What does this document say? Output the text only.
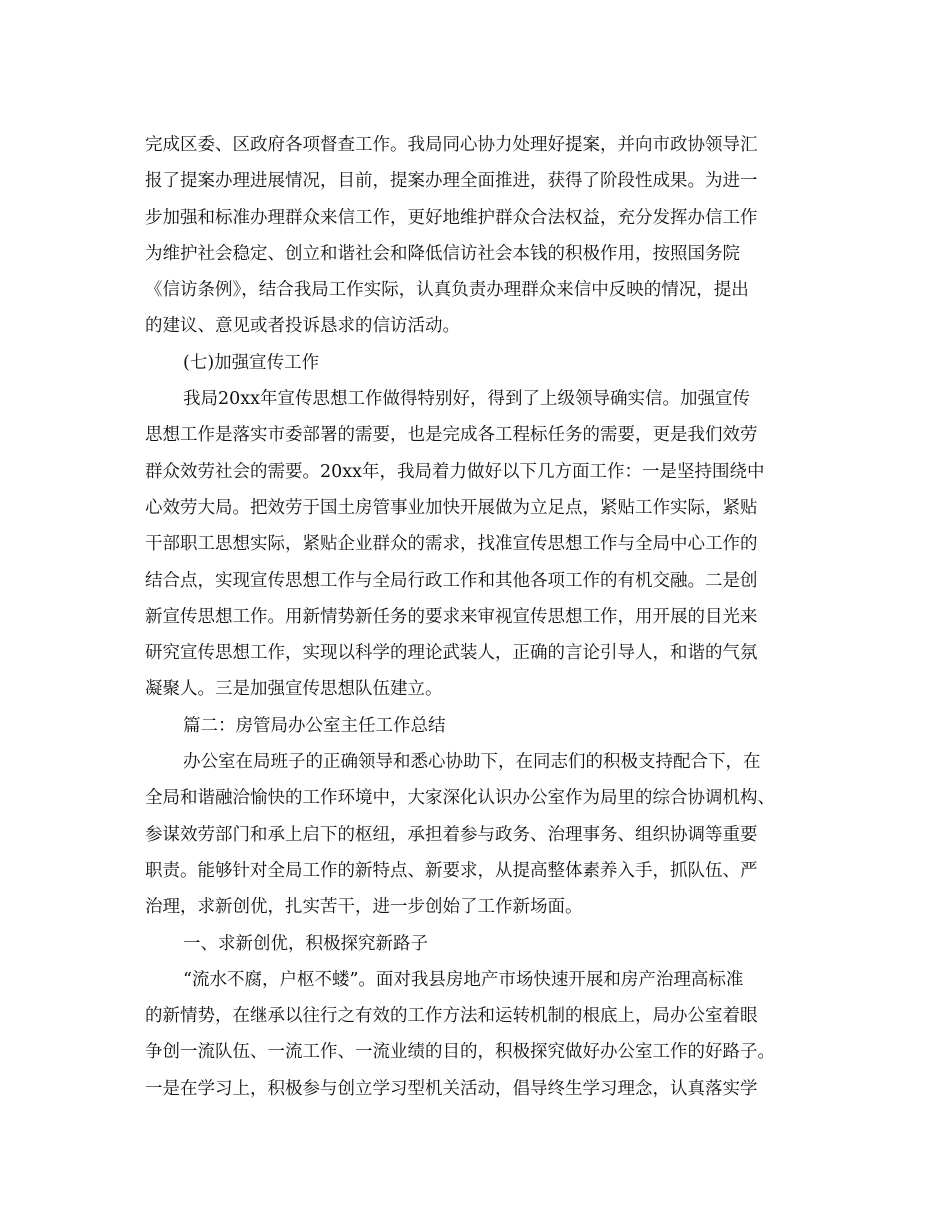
完成区委、区政府各项督查工作。我局同心协力处理好提案，并向市政协领导汇
报了提案办理进展情况，目前，提案办理全面推进，获得了阶段性成果。为进一
步加强和标准办理群众来信工作，更好地维护群众合法权益，充分发挥办信工作
为维护社会稳定、创立和谐社会和降低信访社会本钱的积极作用，按照国务院
《信访条例》，结合我局工作实际，认真负责办理群众来信中反映的情况，提出
的建议、意见或者投诉恳求的信访活动。
(七)加强宣传工作
我局20xx年宣传思想工作做得特别好，得到了上级领导确实信。加强宣传
思想工作是落实市委部署的需要，也是完成各工程标任务的需要，更是我们效劳
群众效劳社会的需要。20xx年，我局着力做好以下几方面工作：一是坚持围绕中
心效劳大局。把效劳于国土房管事业加快开展做为立足点，紧贴工作实际，紧贴
干部职工思想实际，紧贴企业群众的需求，找准宣传思想工作与全局中心工作的
结合点，实现宣传思想工作与全局行政工作和其他各项工作的有机交融。二是创
新宣传思想工作。用新情势新任务的要求来审视宣传思想工作，用开展的目光来
研究宣传思想工作，实现以科学的理论武装人，正确的言论引导人，和谐的气氛
凝聚人。三是加强宣传思想队伍建立。
篇二：房管局办公室主任工作总结
办公室在局班子的正确领导和悉心协助下，在同志们的积极支持配合下，在
全局和谐融洽愉快的工作环境中，大家深化认识办公室作为局里的综合协调机构、
参谋效劳部门和承上启下的枢纽，承担着参与政务、治理事务、组织协调等重要
职责。能够针对全局工作的新特点、新要求，从提高整体素养入手，抓队伍、严
治理，求新创优，扎实苦干，进一步创始了工作新场面。
一、求新创优，积极探究新路子
“流水不腐，户枢不蝼”。面对我县房地产市场快速开展和房产治理高标准
的新情势，在继承以往行之有效的工作方法和运转机制的根底上，局办公室着眼
争创一流队伍、一流工作、一流业绩的目的，积极探究做好办公室工作的好路子。
一是在学习上，积极参与创立学习型机关活动，倡导终生学习理念，认真落实学
